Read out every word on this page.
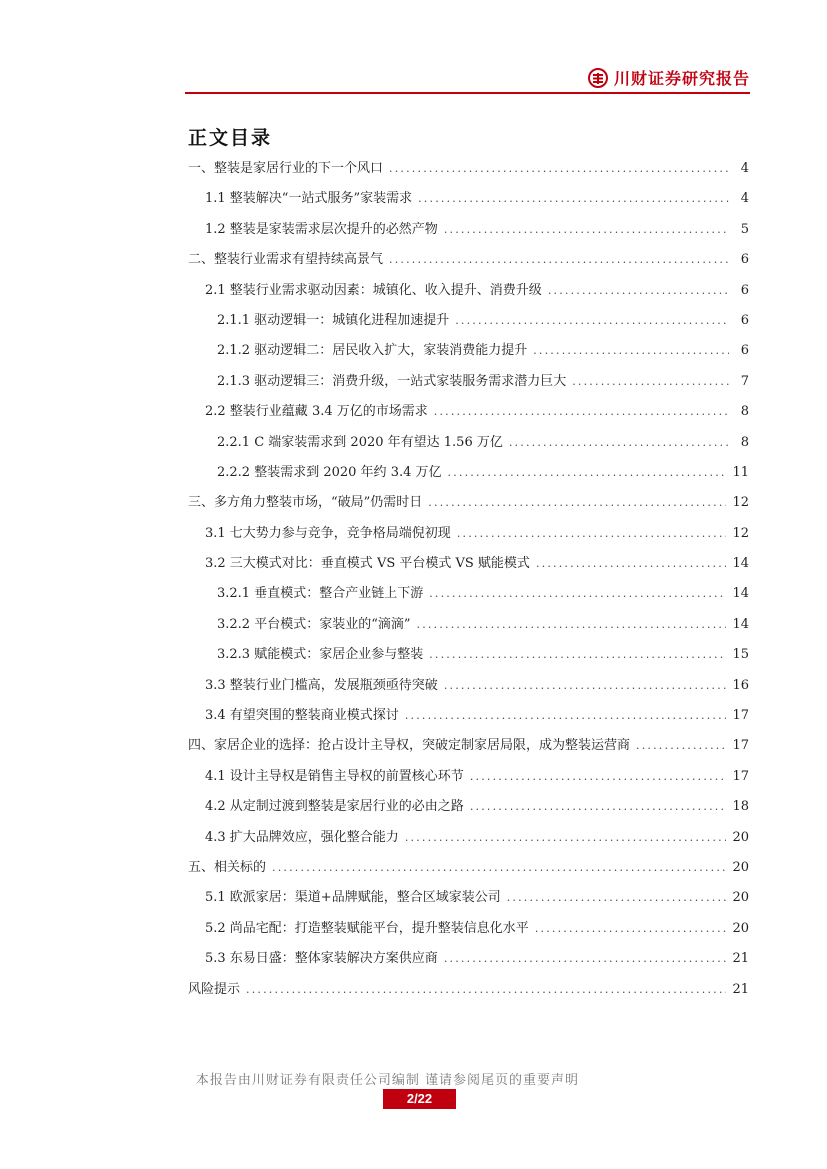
川财证券研究报告
正文目录
一、整装是家居行业的下一个风口 .....	4
1.1 整装解决“一站式服务”家装需求 .....	4
1.2 整装是家装需求层次提升的必然产物 .....	5
二、整装行业需求有望持续高景气 .....	6
2.1 整装行业需求驱动因素：城镇化、收入提升、消费升级 .....	6
2.1.1 驱动逻辑一：城镇化进程加速提升 .....	6
2.1.2 驱动逻辑二：居民收入扩大，家装消费能力提升 .....	6
2.1.3 驱动逻辑三：消费升级，一站式家装服务需求潜力巨大 .....	7
2.2 整装行业蕴藏 3.4 万亿的市场需求 .....	8
2.2.1 C 端家装需求到 2020 年有望达 1.56 万亿 .....	8
2.2.2 整装需求到 2020 年约 3.4 万亿 .....	11
三、多方角力整装市场，“破局”仍需时日 .....	12
3.1 七大势力参与竞争，竞争格局端倪初现 .....	12
3.2 三大模式对比：垂直模式 VS 平台模式 VS 赋能模式 .....	14
3.2.1 垂直模式：整合产业链上下游 .....	14
3.2.2 平台模式：家装业的“滴滴” .....	14
3.2.3 赋能模式：家居企业参与整装 .....	15
3.3 整装行业门槛高，发展瓶颈亟待突破 .....	16
3.4 有望突围的整装商业模式探讨 .....	17
四、家居企业的选择：抢占设计主导权，突破定制家居局限，成为整装运营商 .....	17
4.1 设计主导权是销售主导权的前置核心环节 .....	17
4.2 从定制过渡到整装是家居行业的必由之路 .....	18
4.3 扩大品牌效应，强化整合能力 .....	20
五、相关标的 .....	20
5.1 欧派家居：渠道+品牌赋能，整合区域家装公司 .....	20
5.2 尚品宅配：打造整装赋能平台，提升整装信息化水平 .....	20
5.3 东易日盛：整体家装解决方案供应商 .....	21
风险提示 .....	21
本报告由川财证券有限责任公司编制 谨请参阅尾页的重要声明
2/22
